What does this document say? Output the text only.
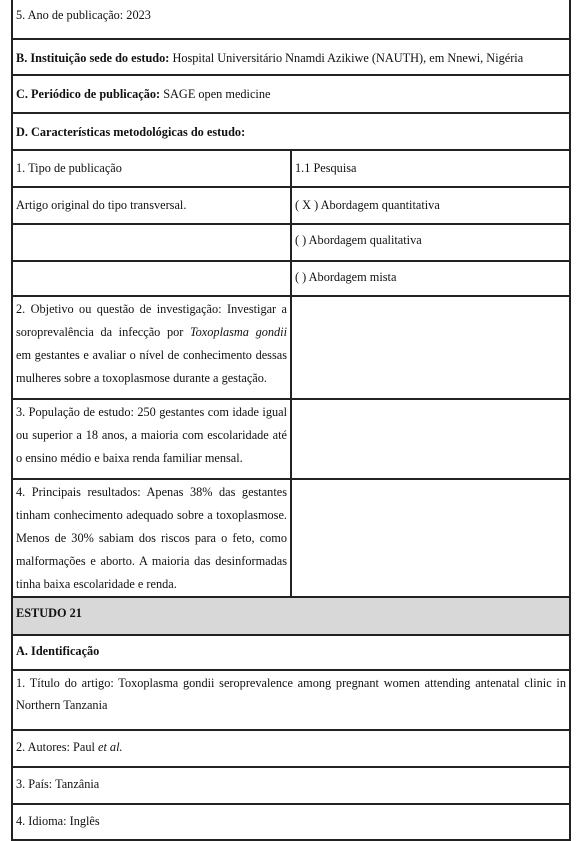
5. Ano de publicação: 2023	
B. Instituição sede do estudo: Hospital Universitário Nnamdi Azikiwe (NAUTH), em Nnewi, Nigéria	
C. Periódico de publicação: SAGE open medicine	
D. Características metodológicas do estudo:	
1. Tipo de publicação	1.1 Pesquisa
Artigo original do tipo transversal.	( X ) Abordagem quantitativa
	( ) Abordagem qualitativa
	( ) Abordagem mista
2. Objetivo ou questão de investigação: Investigar a soroprevalência da infecção por Toxoplasma gondii em gestantes e avaliar o nível de conhecimento dessas mulheres sobre a toxoplasmose durante a gestação.	
3. População de estudo: 250 gestantes com idade igual ou superior a 18 anos, a maioria com escolaridade até o ensino médio e baixa renda familiar mensal.	
4. Principais resultados: Apenas 38% das gestantes tinham conhecimento adequado sobre a toxoplasmose. Menos de 30% sabiam dos riscos para o feto, como malformações e aborto. A maioria das desinformadas tinha baixa escolaridade e renda.	
ESTUDO 21	
A. Identificação	
1. Título do artigo: Toxoplasma gondii seroprevalence among pregnant women attending antenatal clinic in Northern Tanzania	
2. Autores: Paul et al.	
3. País: Tanzânia	
4. Idioma: Inglês	
